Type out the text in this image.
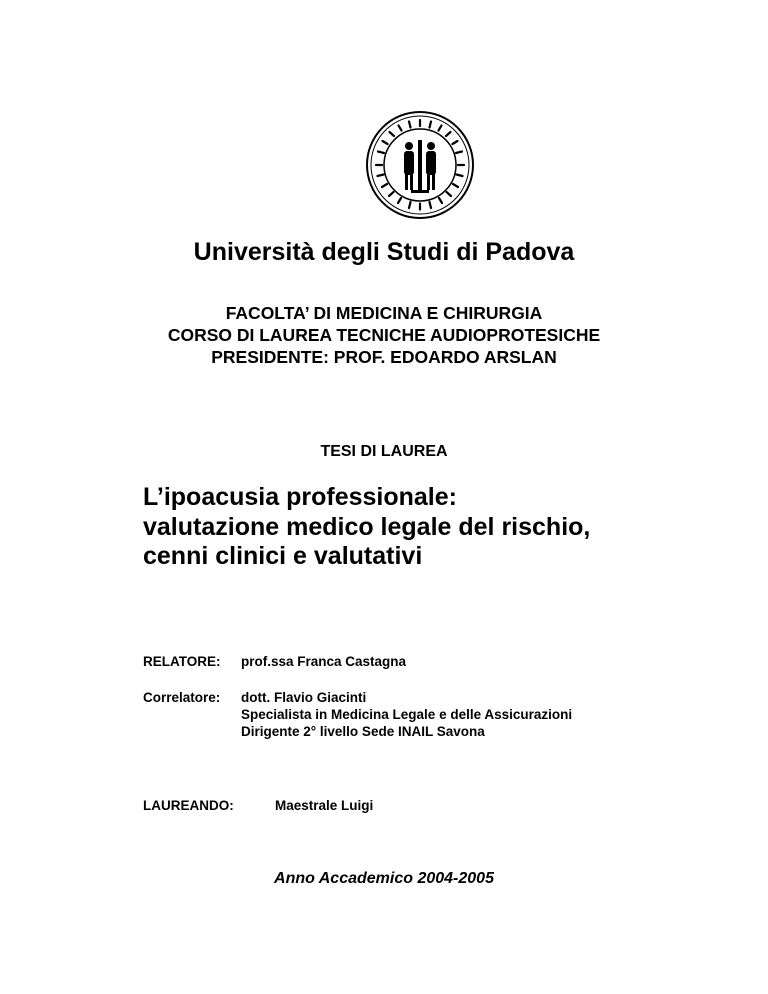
Università degli Studi di Padova
FACOLTA’ DI MEDICINA E CHIRURGIA
CORSO DI LAUREA TECNICHE AUDIOPROTESICHE
PRESIDENTE: PROF. EDOARDO ARSLAN
TESI DI LAUREA
L’ipoacusia professionale:
valutazione medico legale del rischio,
cenni clinici e valutativi
RELATORE: prof.ssa Franca Castagna
Correlatore: dott. Flavio Giacinti
Specialista in Medicina Legale e delle Assicurazioni
Dirigente 2° livello Sede INAIL Savona
LAUREANDO:	Maestrale Luigi
Anno Accademico 2004-2005
